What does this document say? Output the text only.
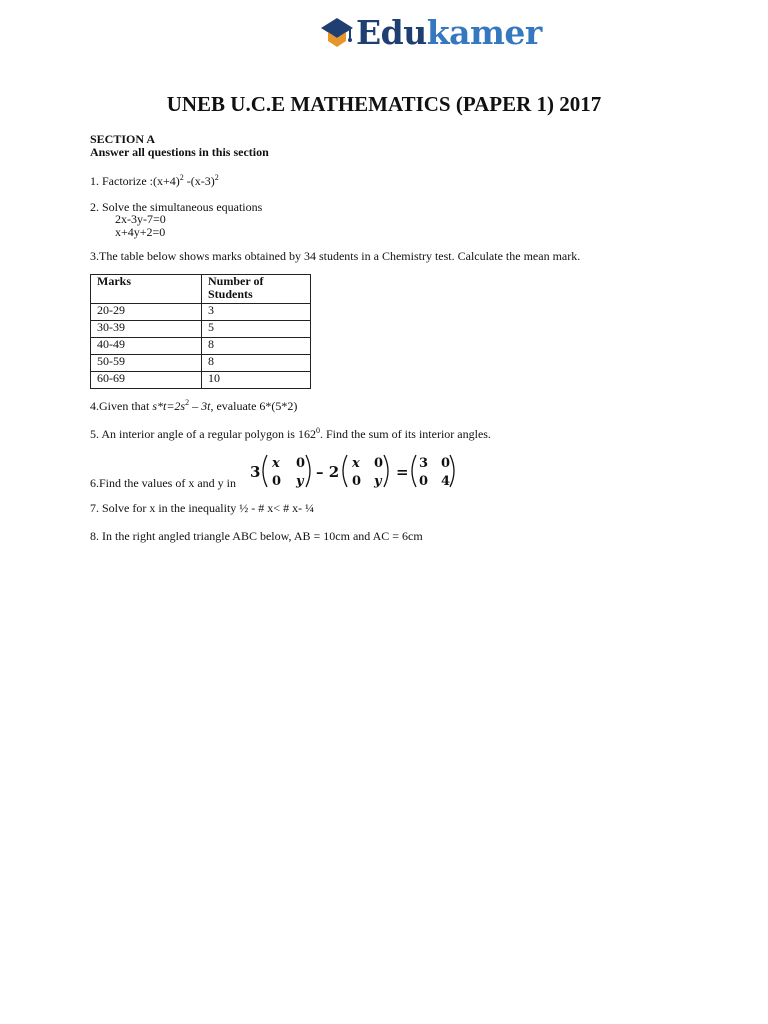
Edukamer
UNEB U.C.E MATHEMATICS (PAPER 1) 2017
SECTION A
Answer all questions in this section
1. Factorize $:(x+4)^2$ $-(x-3)^2$
2. Solve the simultaneous equations
2x-3y-7=0
x+4y+2=0
3.The table below shows marks obtained by 34 students in a Chemistry test. Calculate the mean mark.
Marks	Number of Students
20-29	3
30-39	5
40-49	8
50-59	8
60-69	10
4.Given that $s*t=2s^2 - 3t$, evaluate 6*(5*2)
5. An interior angle of a regular polygon is $162^0$. Find the sum of its interior angles.
6.Find the values of x and y in
3 x 0
0 y
– 2 x 0
0 y
= 3 0
0 4
7. Solve for x in the inequality ½ - # x< # x- ¼
8. In the right angled triangle ABC below, AB = 10cm and AC = 6cm
